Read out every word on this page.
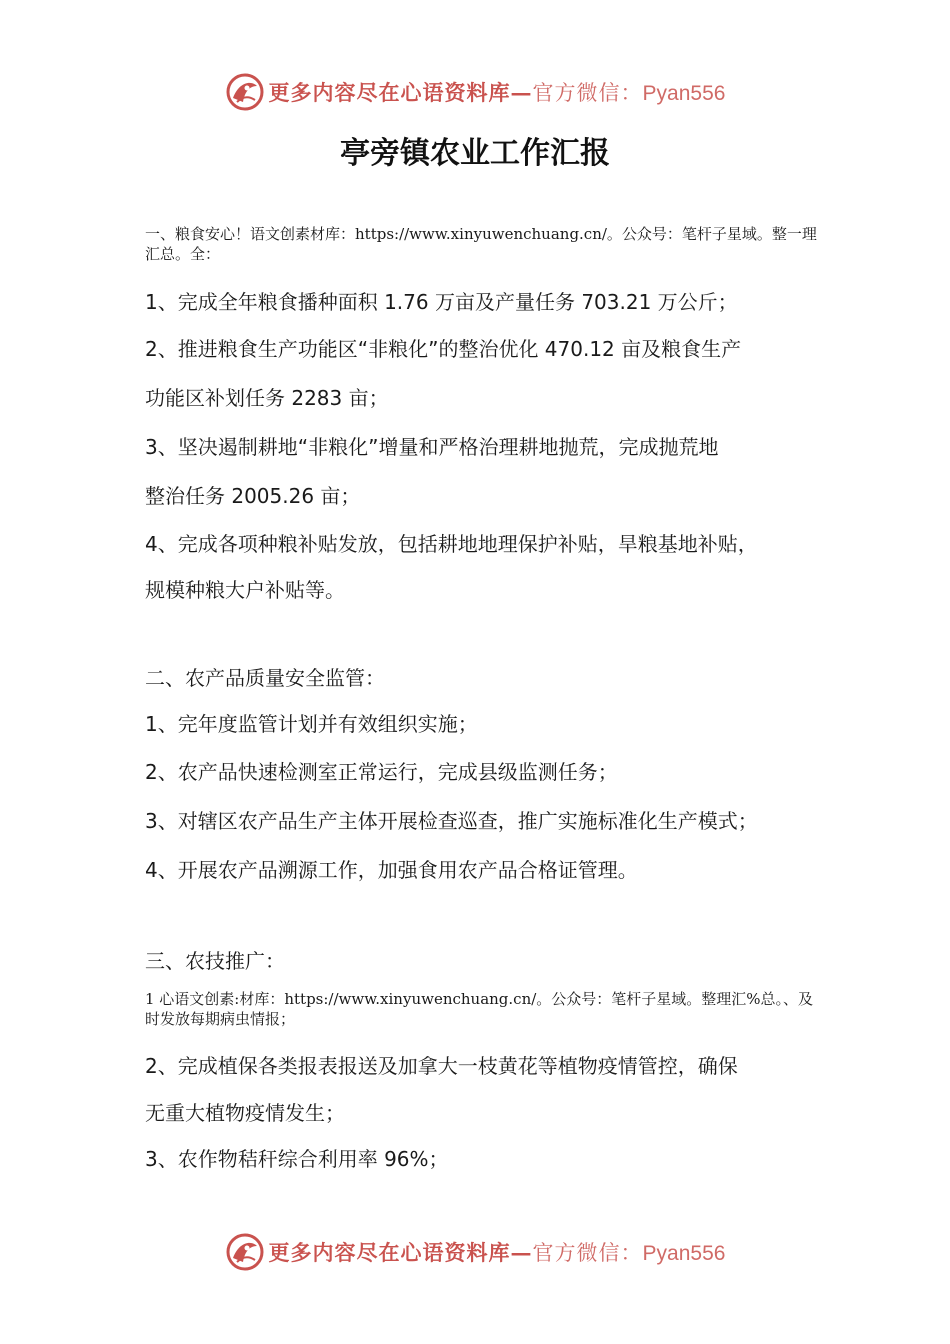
更多内容尽在心语资料库—官方微信：Pyan556
亭旁镇农业工作汇报
一、粮食安心！语文创素材库：https://www.xinyuwenchuang.cn/。公众号：笔杆子星域。整一理汇总。全：
1、完成全年粮食播种面积 1.76 万亩及产量任务 703.21 万公斤；
2、推进粮食生产功能区“非粮化”的整治优化 470.12 亩及粮食生产
功能区补划任务 2283 亩；
3、坚决遏制耕地“非粮化”增量和严格治理耕地抛荒，完成抛荒地
整治任务 2005.26 亩；
4、完成各项种粮补贴发放，包括耕地地理保护补贴，旱粮基地补贴，
规模种粮大户补贴等。
二、农产品质量安全监管：
1、完年度监管计划并有效组织实施；
2、农产品快速检测室正常运行，完成县级监测任务；
3、对辖区农产品生产主体开展检查巡查，推广实施标准化生产模式；
4、开展农产品溯源工作，加强食用农产品合格证管理。
三、农技推广：
1 心语文创素:材库：https://www.xinyuwenchuang.cn/。公众号：笔杆子星域。整理汇%总。、及时发放每期病虫情报；
2、完成植保各类报表报送及加拿大一枝黄花等植物疫情管控，确保
无重大植物疫情发生；
3、农作物秸秆综合利用率 96%；
更多内容尽在心语资料库—官方微信：Pyan556
